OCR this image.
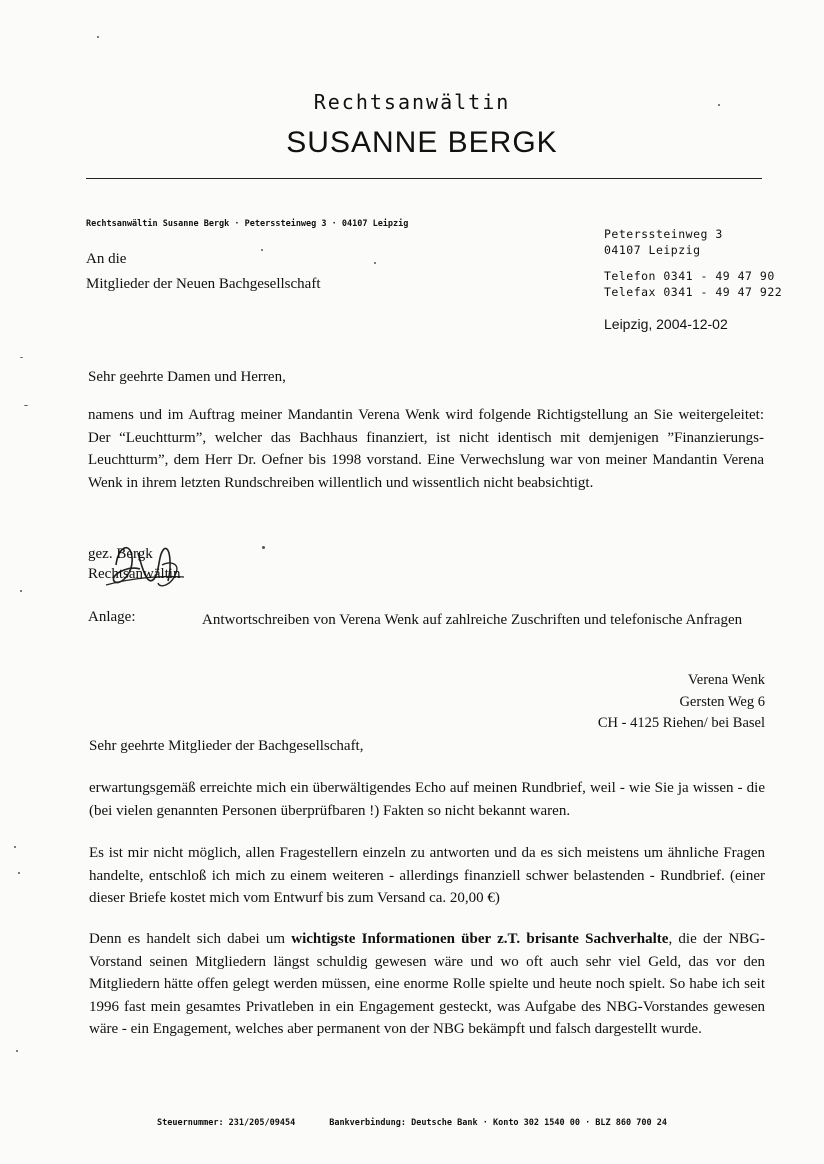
Rechtsanwältin
SUSANNE BERGK
Rechtsanwältin Susanne Bergk · Peterssteinweg 3 · 04107 Leipzig
An die
Mitglieder der Neuen Bachgesellschaft
Peterssteinweg 3
04107 Leipzig
Telefon 0341 - 49 47 90
Telefax 0341 - 49 47 922
Leipzig, 2004-12-02
Sehr geehrte Damen und Herren,
namens und im Auftrag meiner Mandantin Verena Wenk wird folgende Richtigstellung an Sie weitergeleitet: Der “Leuchtturm”, welcher das Bachhaus finanziert, ist nicht identisch mit demjenigen ”Finanzierungs-Leuchtturm”, dem Herr Dr. Oefner bis 1998 vorstand. Eine Verwechslung war von meiner Mandantin Verena Wenk in ihrem letzten Rundschreiben willentlich und wissentlich nicht beabsichtigt.
gez. Bergk
Rechtsanwältin
Anlage:	Antwortschreiben von Verena Wenk auf zahlreiche Zuschriften und telefonische Anfragen
Verena Wenk
Gersten Weg 6
CH - 4125 Riehen/ bei Basel
Sehr geehrte Mitglieder der Bachgesellschaft,
erwartungsgemäß erreichte mich ein überwältigendes Echo auf meinen Rundbrief, weil - wie Sie ja wissen - die (bei vielen genannten Personen überprüfbaren !) Fakten so nicht bekannt waren.
Es ist mir nicht möglich, allen Fragestellern einzeln zu antworten und da es sich meistens um ähnliche Fragen handelte, entschloß ich mich zu einem weiteren - allerdings finanziell schwer belastenden - Rundbrief. (einer dieser Briefe kostet mich vom Entwurf bis zum Versand ca. 20,00 €)
Denn es handelt sich dabei um wichtigste Informationen über z.T. brisante Sachverhalte, die der NBG-Vorstand seinen Mitgliedern längst schuldig gewesen wäre und wo oft auch sehr viel Geld, das vor den Mitgliedern hätte offen gelegt werden müssen, eine enorme Rolle spielte und heute noch spielt. So habe ich seit 1996 fast mein gesamtes Privatleben in ein Engagement gesteckt, was Aufgabe des NBG-Vorstandes gewesen wäre - ein Engagement, welches aber permanent von der NBG bekämpft und falsch dargestellt wurde.
Steuernummer: 231/205/09454	Bankverbindung: Deutsche Bank · Konto 302 1540 00 · BLZ 860 700 24
